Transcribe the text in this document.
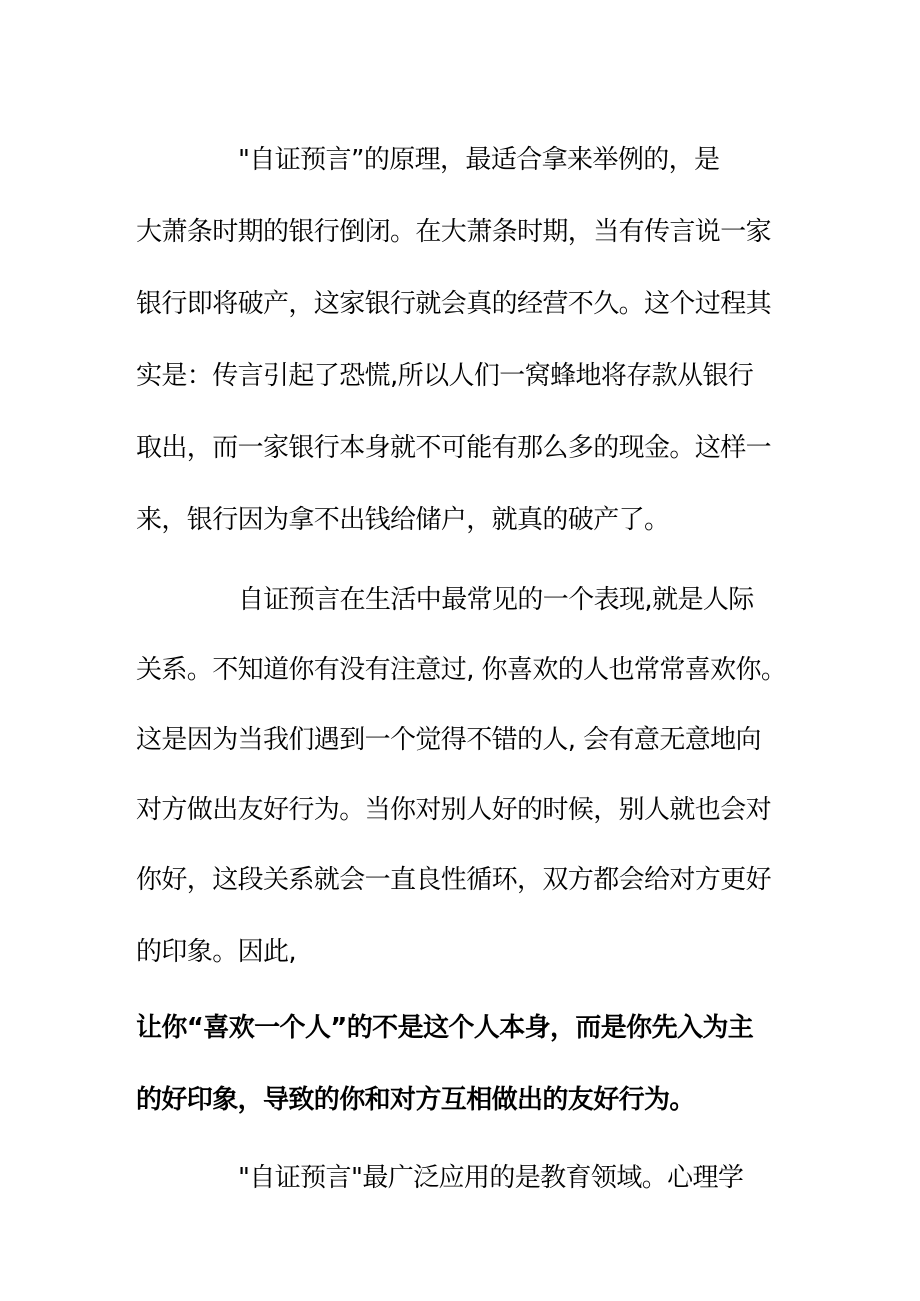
"自证预言”的原理，最适合拿来举例的，是
大萧条时期的银行倒闭。在大萧条时期，当有传言说一家
银行即将破产，这家银行就会真的经营不久。这个过程其
实是：传言引起了恐慌,所以人们一窝蜂地将存款从银行
取出，而一家银行本身就不可能有那么多的现金。这样一
来，银行因为拿不出钱给储户，就真的破产了。
自证预言在生活中最常见的一个表现,就是人际
关系。不知道你有没有注意过, 你喜欢的人也常常喜欢你。
这是因为当我们遇到一个觉得不错的人, 会有意无意地向
对方做出友好行为。当你对别人好的时候，别人就也会对
你好，这段关系就会一直良性循环，双方都会给对方更好
的印象。因此,
让你“喜欢一个人”的不是这个人本身，而是你先入为主
的好印象，导致的你和对方互相做出的友好行为。
"自证预言"最广泛应用的是教育领域。心理学
